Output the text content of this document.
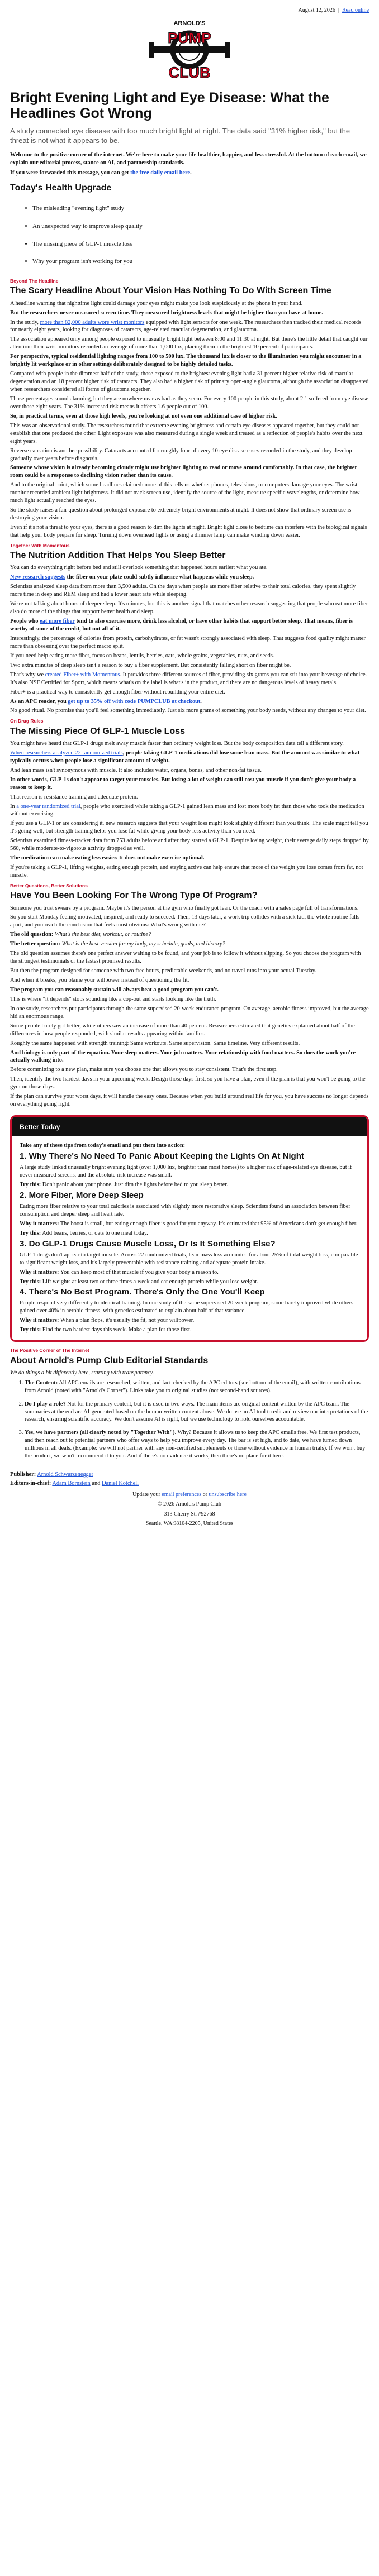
August 12, 2026 | Read online
ARNOLD'S
PUMP
CLUB
Bright Evening Light and Eye Disease: What the Headlines Got Wrong

A study connected eye disease with too much bright light at night. The data said "31% higher risk," but the threat is not what it appears to be.

Welcome to the positive corner of the internet. We're here to make your life healthier, happier, and less stressful. At the bottom of each email, we explain our editorial process, stance on AI, and partnership standards.

If you were forwarded this message, you can get the free daily email here.

Today's Health Upgrade
• The misleading "evening light" study
• An unexpected way to improve sleep quality
• The missing piece of GLP-1 muscle loss
• Why your program isn't working for you
Beyond The Headline
The Scary Headline About Your Vision Has Nothing To Do With Screen Time

A headline warning that nighttime light could damage your eyes might make you look suspiciously at the phone in your hand.

But the researchers never measured screen time. They measured brightness levels that might be higher than you have at home.

In the study, more than 82,000 adults wore wrist monitors equipped with light sensors for one week. The researchers then tracked their medical records for nearly eight years, looking for diagnoses of cataracts, age-related macular degeneration, and glaucoma.

The association appeared only among people exposed to unusually bright light between 8:00 and 11:30 at night. But there's the little detail that caught our attention: their wrist monitors recorded an average of more than 1,000 lux, placing them in the brightest 10 percent of participants.

For perspective, typical residential lighting ranges from 100 to 500 lux. The thousand lux is closer to the illumination you might encounter in a brightly lit workplace or in other settings deliberately designed to be highly detailed tasks.

Compared with people in the dimmest half of the study, those exposed to the brightest evening light had a 31 percent higher relative risk of macular degeneration and an 18 percent higher risk of cataracts. They also had a higher risk of primary open-angle glaucoma, although the association disappeared when researchers considered all forms of glaucoma together.

Those percentages sound alarming, but they are nowhere near as bad as they seem. For every 100 people in this study, about 2.1 suffered from eye disease over those eight years. The 31% increased risk means it affects 1.6 people out of 100.

So, in practical terms, even at those high levels, you're looking at not even one additional case of higher risk.

This was an observational study. The researchers found that extreme evening brightness and certain eye diseases appeared together, but they could not establish that one produced the other. Light exposure was also measured during a single week and treated as a reflection of people's habits over the next eight years.

Reverse causation is another possibility. Cataracts accounted for roughly four of every 10 eye disease cases recorded in the study, and they develop gradually over years before diagnosis.

Someone whose vision is already becoming cloudy might use brighter lighting to read or move around comfortably. In that case, the brighter room could be a response to declining vision rather than its cause.

And to the original point, which some headlines claimed: none of this tells us whether phones, televisions, or computers damage your eyes. The wrist monitor recorded ambient light brightness. It did not track screen use, identify the source of the light, measure specific wavelengths, or determine how much light actually reached the eyes.

So the study raises a fair question about prolonged exposure to extremely bright environments at night. It does not show that ordinary screen use is destroying your vision.

Even if it's not a threat to your eyes, there is a good reason to dim the lights at night. Bright light close to bedtime can interfere with the biological signals that help your body prepare for sleep. Turning down overhead lights or using a dimmer lamp can make winding down easier.

Together With Momentous
The Nutrition Addition That Helps You Sleep Better

You can do everything right before bed and still overlook something that happened hours earlier: what you ate.

New research suggests the fiber on your plate could subtly influence what happens while you sleep.

Scientists analyzed sleep data from more than 3,500 adults. On the days when people ate more fiber relative to their total calories, they spent slightly more time in deep and REM sleep and had a lower heart rate while sleeping.

We're not talking about hours of deeper sleep. It's minutes, but this is another signal that matches other research suggesting that people who eat more fiber also do more of the things that support better health and sleep.

People who eat more fiber tend to also exercise more, drink less alcohol, or have other habits that support better sleep. That means, fiber is worthy of some of the credit, but not all of it.

Interestingly, the percentage of calories from protein, carbohydrates, or fat wasn't strongly associated with sleep. That suggests food quality might matter more than obsessing over the perfect macro split.

If you need help eating more fiber, focus on beans, lentils, berries, oats, whole grains, vegetables, nuts, and seeds.

Two extra minutes of deep sleep isn't a reason to buy a fiber supplement. But consistently falling short on fiber might be.

That's why we created Fiber+ with Momentous. It provides three different sources of fiber, providing six grams you can stir into your beverage of choice. It's also NSF Certified for Sport, which means what's on the label is what's in the product, and there are no dangerous levels of heavy metals.

Fiber+ is a practical way to consistently get enough fiber without rebuilding your entire diet.

As an APC reader, you get up to 35% off with code PUMPCLUB at checkout.

No good ritual. No promise that you'll feel something immediately. Just six more grams of something your body needs, without any changes to your diet.

On Drug Rules
The Missing Piece Of GLP-1 Muscle Loss

You might have heard that GLP-1 drugs melt away muscle faster than ordinary weight loss. But the body composition data tell a different story.

When researchers analyzed 22 randomized trials, people taking GLP-1 medications did lose some lean mass. But the amount was similar to what typically occurs when people lose a significant amount of weight.

And lean mass isn't synonymous with muscle. It also includes water, organs, bones, and other non-fat tissue.

In other words, GLP-1s don't appear to target your muscles. But losing a lot of weight can still cost you muscle if you don't give your body a reason to keep it.

That reason is resistance training and adequate protein.

In a one-year randomized trial, people who exercised while taking a GLP-1 gained lean mass and lost more body fat than those who took the medication without exercising.

If you use a GLP-1 or are considering it, new research suggests that your weight loss might look slightly different than you think. The scale might tell you it's going well, but strength training helps you lose fat while giving your body less activity than you need.

Scientists examined fitness-tracker data from 753 adults before and after they started a GLP-1. Despite losing weight, their average daily steps dropped by 560, while moderate-to-vigorous activity dropped as well.

The medication can make eating less easier. It does not make exercise optional.

If you're taking a GLP-1, lifting weights, eating enough protein, and staying active can help ensure that more of the weight you lose comes from fat, not muscle.

Better Questions, Better Solutions
Have You Been Looking For The Wrong Type Of Program?

Someone you trust swears by a program. Maybe it's the person at the gym who finally got lean. Or the coach with a sales page full of transformations.

So you start Monday feeling motivated, inspired, and ready to succeed. Then, 13 days later, a work trip collides with a sick kid, the whole routine falls apart, and you reach the conclusion that feels most obvious: What's wrong with me?

The old question: What's the best diet, workout, or routine?

The better question: What is the best version for my body, my schedule, goals, and history?

The old question assumes there's one perfect answer waiting to be found, and your job is to follow it without slipping. So you choose the program with the strongest testimonials or the fastest promised results.

But then the program designed for someone with two free hours, predictable weekends, and no travel runs into your actual Tuesday.

And when it breaks, you blame your willpower instead of questioning the fit.

The program you can reasonably sustain will always beat a good program you can't.

This is where "it depends" stops sounding like a cop-out and starts looking like the truth.

In one study, researchers put participants through the same supervised 20-week endurance program. On average, aerobic fitness improved, but the average hid an enormous range.

Some people barely got better, while others saw an increase of more than 40 percent. Researchers estimated that genetics explained about half of the differences in how people responded, with similar results appearing within families.

Roughly the same happened with strength training: Same workouts. Same supervision. Same timeline. Very different results.

And biology is only part of the equation. Your sleep matters. Your job matters. Your relationship with food matters. So does the work you're actually walking into.

Before committing to a new plan, make sure you choose one that allows you to stay consistent. That's the first step.

Then, identify the two hardest days in your upcoming week. Design those days first, so you have a plan, even if the plan is that you won't be going to the gym on those days.

If the plan can survive your worst days, it will handle the easy ones. Because when you build around real life for you, you have success no longer depends on everything going right.

Better Today

Take any of these tips from today's email and put them into action:

1. Why There's No Need To Panic About Keeping the Lights On At Night

A large study linked unusually bright evening light (over 1,000 lux, brighter than most homes) to a higher risk of age-related eye disease, but it never measured screens, and the absolute risk increase was small.

Try this: Don't panic about your phone. Just dim the lights before bed to you sleep better.

2. More Fiber, More Deep Sleep

Eating more fiber relative to your total calories is associated with slightly more restorative sleep. Scientists found an association between fiber consumption and deeper sleep and heart rate.

Why it matters: The boost is small, but eating enough fiber is good for you anyway. It's estimated that 95% of Americans don't get enough fiber.

Try this: Add beans, berries, or oats to one meal today.

3. Do GLP-1 Drugs Cause Muscle Loss, Or Is It Something Else?

GLP-1 drugs don't appear to target muscle. Across 22 randomized trials, lean-mass loss accounted for about 25% of total weight loss, comparable to significant weight loss, and it's largely preventable with resistance training and adequate protein intake.

Why it matters: You can keep most of that muscle if you give your body a reason to.

Try this: Lift weights at least two or three times a week and eat enough protein while you lose weight.

4. There's No Best Program. There's Only the One You'll Keep

People respond very differently to identical training. In one study of the same supervised 20-week program, some barely improved while others gained over 40% in aerobic fitness, with genetics estimated to explain about half of that variance.

Why it matters: When a plan flops, it's usually the fit, not your willpower.

Try this: Find the two hardest days this week. Make a plan for those first.

The Positive Corner of The Internet
About Arnold's Pump Club Editorial Standards

We do things a bit differently here, starting with transparency.

1. The Content: All APC emails are researched, written, and fact-checked by the APC editors (see bottom of the email), with written contributions from Arnold (noted with "Arnold's Corner"). Links take you to original studies (not second-hand sources).
2. Do I play a role? Not for the primary content, but it is used in two ways. The main items are original content written by the APC team. The summaries at the end are AI-generated based on the human-written content above. We do use an AI tool to edit and review our interpretations of the research, ensuring scientific accuracy. We don't assume AI is right, but we use technology to hold ourselves accountable.
3. Yes, we have partners (all clearly noted by "Together With"). Why? Because it allows us to keep the APC emails free. We first test products, and then reach out to potential partners who offer ways to help you improve every day. The bar is set high, and to date, we have turned down millions in all deals. (Example: we will not partner with any non-certified supplements or those without evidence in human trials). If we won't buy the product, we won't recommend it to you. And if there's no evidence it works, then there's no place for it here.

Publisher: Arnold Schwarzenegger

Editors-in-chief: Adam Bornstein and Daniel Kotchell

Update your email preferences or unsubscribe here

© 2026 Arnold's Pump Club

313 Cherry St. #92768

Seattle, WA 98104-2205, United States
